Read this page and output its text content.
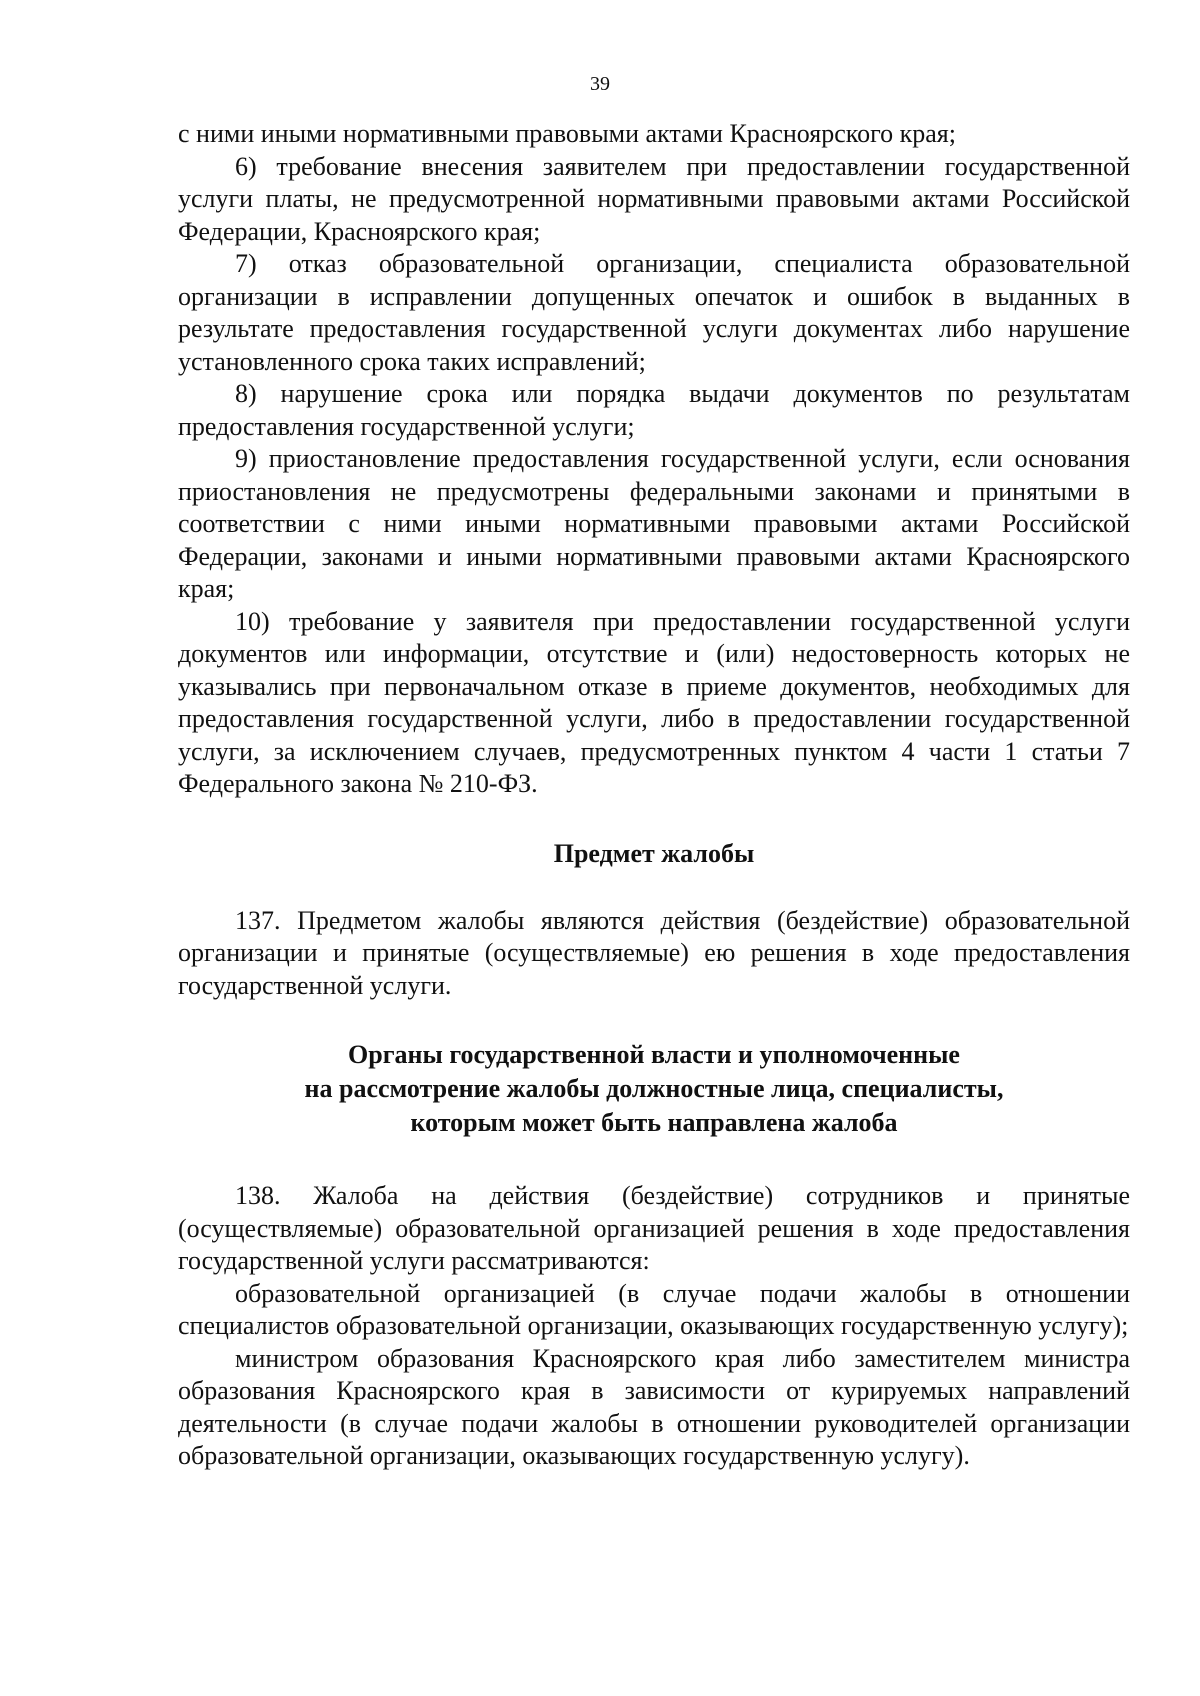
39

с ними иными нормативными правовыми актами Красноярского края;

6) требование внесения заявителем при предоставлении государственной услуги платы, не предусмотренной нормативными правовыми актами Российской Федерации, Красноярского края;

7) отказ образовательной организации, специалиста образовательной организации в исправлении допущенных опечаток и ошибок в выданных в результате предоставления государственной услуги документах либо нарушение установленного срока таких исправлений;

8) нарушение срока или порядка выдачи документов по результатам предоставления государственной услуги;

9) приостановление предоставления государственной услуги, если основания приостановления не предусмотрены федеральными законами и принятыми в соответствии с ними иными нормативными правовыми актами Российской Федерации, законами и иными нормативными правовыми актами Красноярского края;

10) требование у заявителя при предоставлении государственной услуги документов или информации, отсутствие и (или) недостоверность которых не указывались при первоначальном отказе в приеме документов, необходимых для предоставления государственной услуги, либо в предоставлении государственной услуги, за исключением случаев, предусмотренных пунктом 4 части 1 статьи 7 Федерального закона № 210-ФЗ.

Предмет жалобы

137. Предметом жалобы являются действия (бездействие) образовательной организации и принятые (осуществляемые) ею решения в ходе предоставления государственной услуги.

Органы государственной власти и уполномоченные
на рассмотрение жалобы должностные лица, специалисты,
которым может быть направлена жалоба

138. Жалоба на действия (бездействие) сотрудников и принятые (осуществляемые) образовательной организацией решения в ходе предоставления государственной услуги рассматриваются:

образовательной организацией (в случае подачи жалобы в отношении специалистов образовательной организации, оказывающих государственную услугу);

министром образования Красноярского края либо заместителем министра образования Красноярского края в зависимости от курируемых направлений деятельности (в случае подачи жалобы в отношении руководителей организации образовательной организации, оказывающих государственную услугу).
